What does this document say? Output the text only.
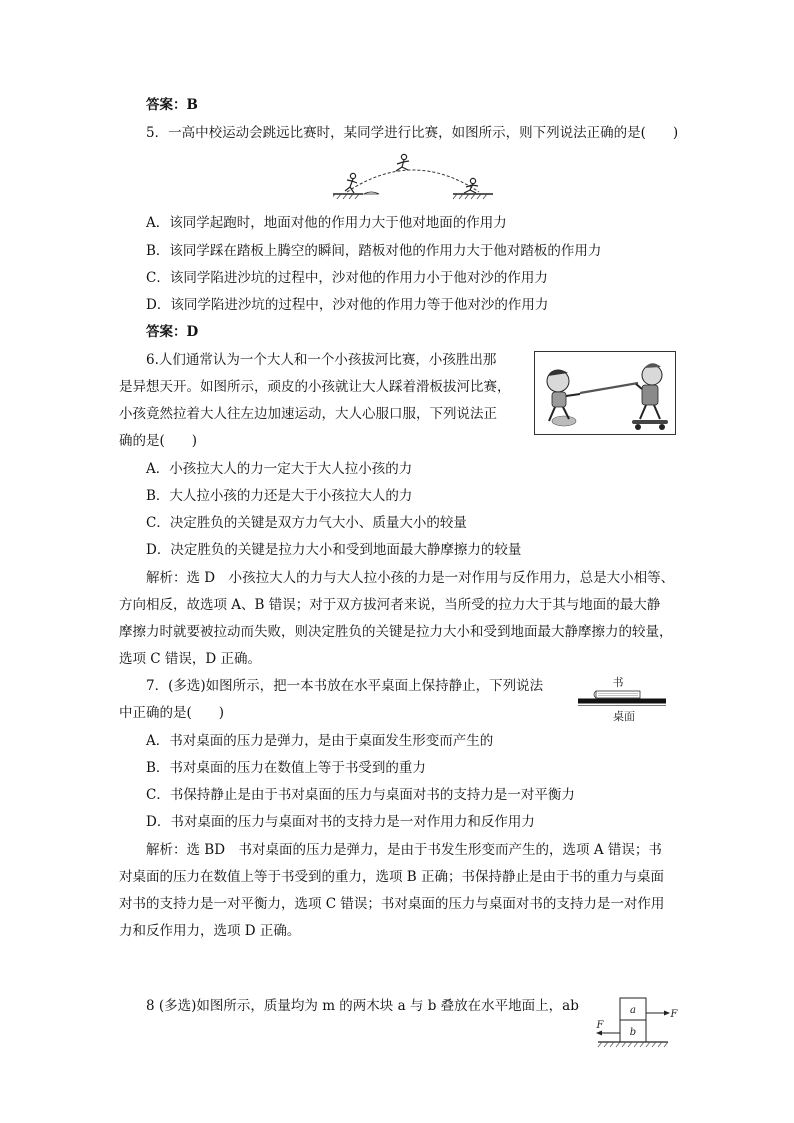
答案：B
5．一高中校运动会跳远比赛时，某同学进行比赛，如图所示，则下列说法正确的是(　　)
A．该同学起跑时，地面对他的作用力大于他对地面的作用力
B．该同学踩在踏板上腾空的瞬间，踏板对他的作用力大于他对踏板的作用力
C．该同学陷进沙坑的过程中，沙对他的作用力小于他对沙的作用力
D．该同学陷进沙坑的过程中，沙对他的作用力等于他对沙的作用力
答案：D
6.人们通常认为一个大人和一个小孩拔河比赛，小孩胜出那
是异想天开。如图所示，顽皮的小孩就让大人踩着滑板拔河比赛，
小孩竟然拉着大人往左边加速运动，大人心服口服，下列说法正
确的是(　　)
A．小孩拉大人的力一定大于大人拉小孩的力
B．大人拉小孩的力还是大于小孩拉大人的力
C．决定胜负的关键是双方力气大小、质量大小的较量
D．决定胜负的关键是拉力大小和受到地面最大静摩擦力的较量
解析：选 D　小孩拉大人的力与大人拉小孩的力是一对作用与反作用力，总是大小相等、
方向相反，故选项 A、B 错误；对于双方拔河者来说，当所受的拉力大于其与地面的最大静
摩擦力时就要被拉动而失败，则决定胜负的关键是拉力大小和受到地面最大静摩擦力的较量，
选项 C 错误，D 正确。
7．(多选)如图所示，把一本书放在水平桌面上保持静止，下列说法
中正确的是(　　)
书
桌面
A．书对桌面的压力是弹力，是由于桌面发生形变而产生的
B．书对桌面的压力在数值上等于书受到的重力
C．书保持静止是由于书对桌面的压力与桌面对书的支持力是一对平衡力
D．书对桌面的压力与桌面对书的支持力是一对作用力和反作用力
解析：选 BD　书对桌面的压力是弹力，是由于书发生形变而产生的，选项 A 错误；书
对桌面的压力在数值上等于书受到的重力，选项 B 正确；书保持静止是由于书的重力与桌面
对书的支持力是一对平衡力，选项 C 错误；书对桌面的压力与桌面对书的支持力是一对作用
力和反作用力，选项 D 正确。
8 (多选)如图所示，质量均为 m 的两木块 a 与 b 叠放在水平地面上，ab	a
b
F
F
